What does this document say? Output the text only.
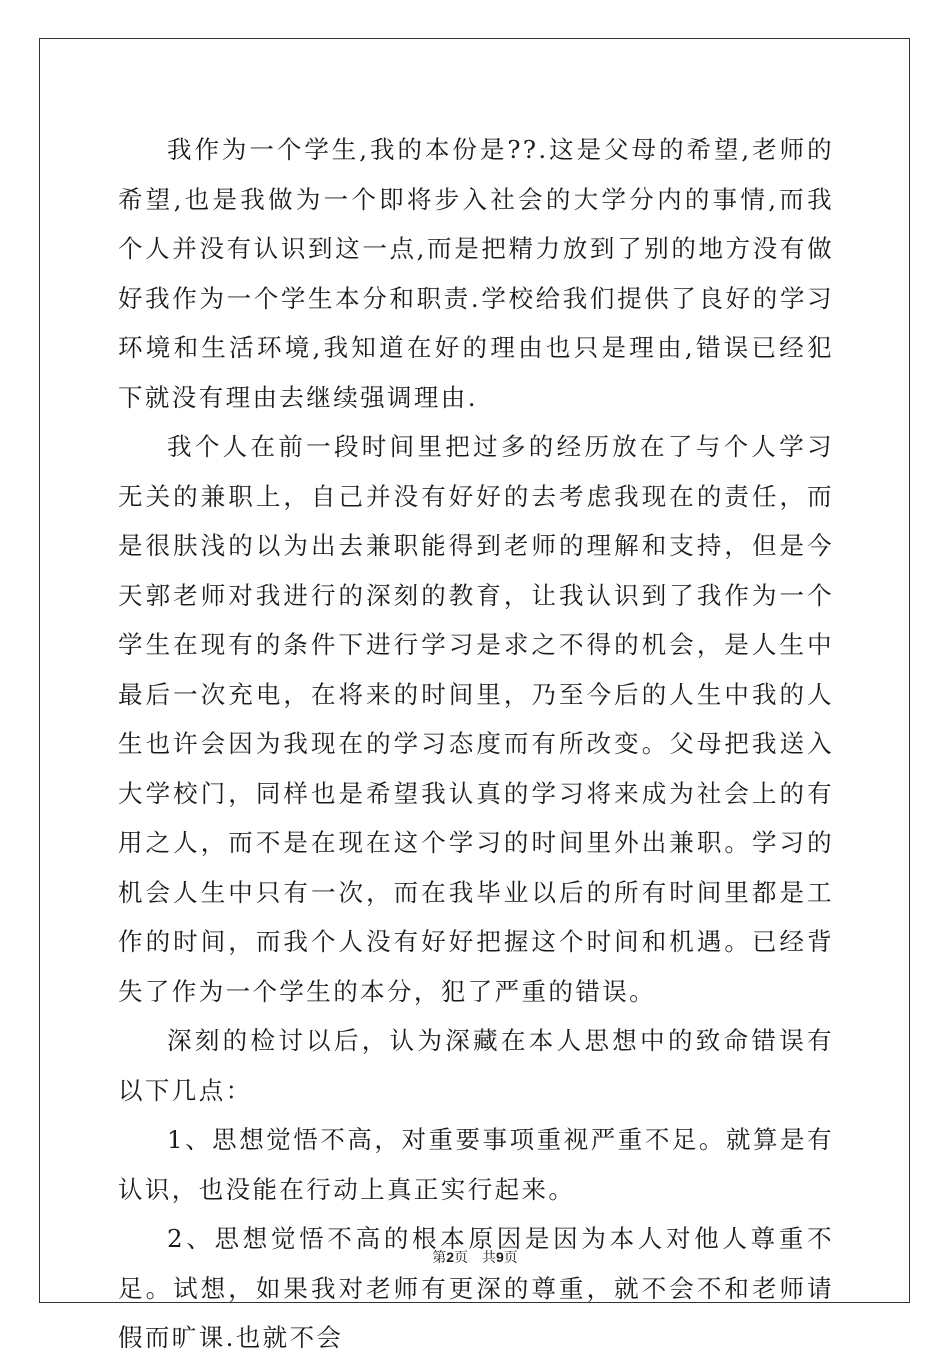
我作为一个学生,我的本份是??.这是父母的希望,老师的希望,也是我做为一个即将步入社会的大学分内的事情,而我个人并没有认识到这一点,而是把精力放到了别的地方没有做好我作为一个学生本分和职责.学校给我们提供了良好的学习环境和生活环境,我知道在好的理由也只是理由,错误已经犯下就没有理由去继续强调理由.

我个人在前一段时间里把过多的经历放在了与个人学习无关的兼职上，自己并没有好好的去考虑我现在的责任，而是很肤浅的以为出去兼职能得到老师的理解和支持，但是今天郭老师对我进行的深刻的教育，让我认识到了我作为一个学生在现有的条件下进行学习是求之不得的机会，是人生中最后一次充电，在将来的时间里，乃至今后的人生中我的人生也许会因为我现在的学习态度而有所改变。父母把我送入大学校门，同样也是希望我认真的学习将来成为社会上的有用之人，而不是在现在这个学习的时间里外出兼职。学习的机会人生中只有一次，而在我毕业以后的所有时间里都是工作的时间，而我个人没有好好把握这个时间和机遇。已经背失了作为一个学生的本分，犯了严重的错误。

深刻的检讨以后，认为深藏在本人思想中的致命错误有以下几点：

1、思想觉悟不高，对重要事项重视严重不足。就算是有认识，也没能在行动上真正实行起来。

2、思想觉悟不高的根本原因是因为本人对他人尊重不足。试想，如果我对老师有更深的尊重，就不会不和老师请假而旷课.也就不会

第2页 共9页
